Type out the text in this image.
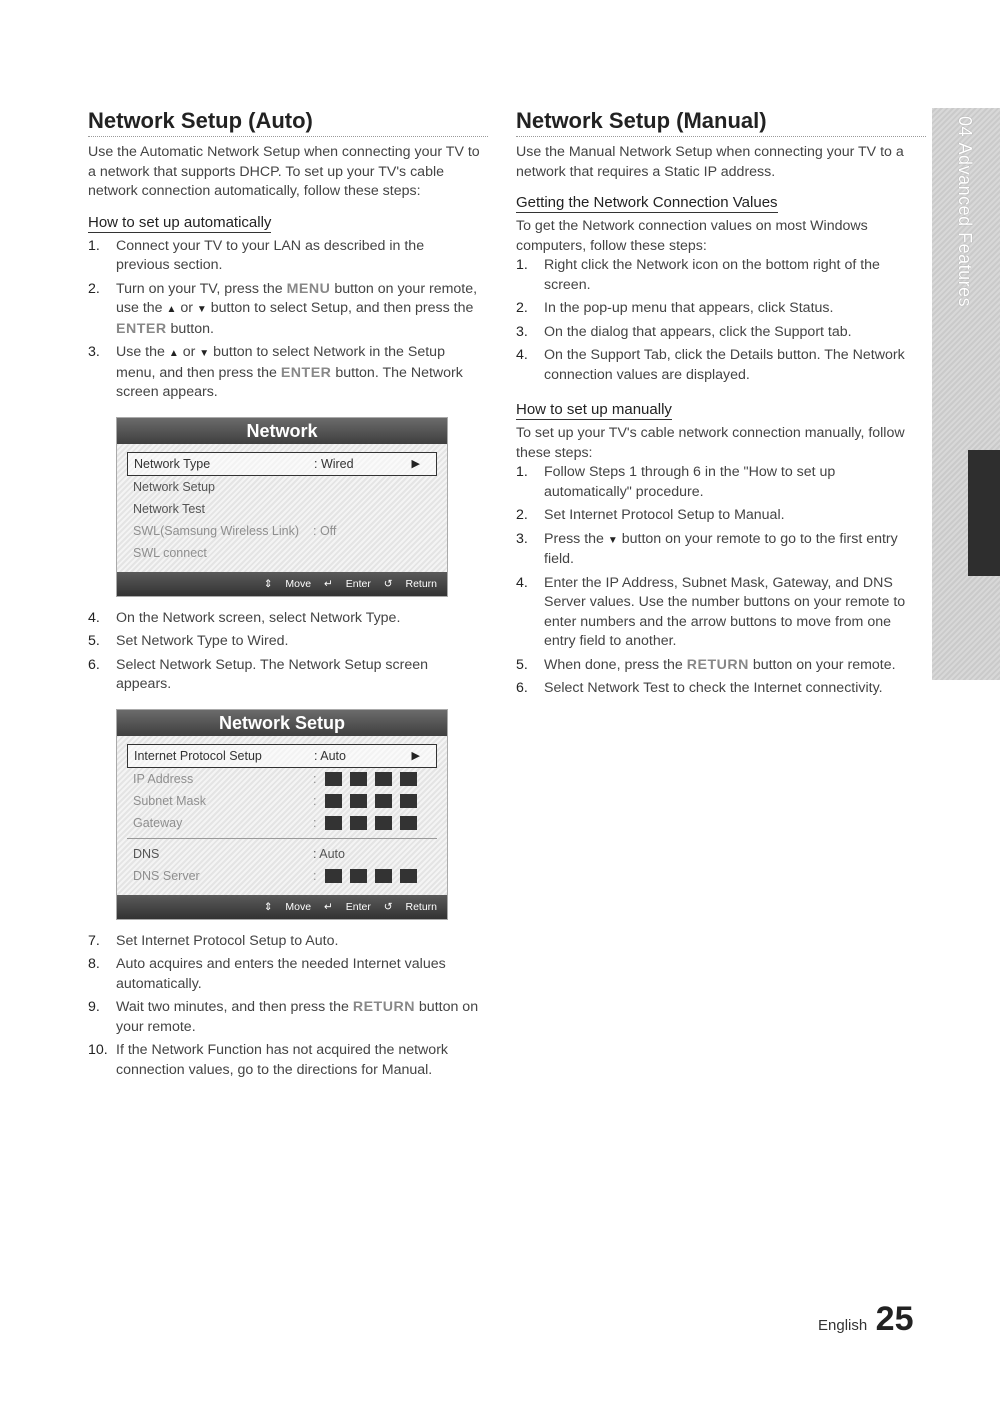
Network Setup (Auto)

Use the Automatic Network Setup when connecting your TV to a network that supports DHCP. To set up your TV's cable network connection automatically, follow these steps:

How to set up automatically
1. Connect your TV to your LAN as described in the previous section.
2. Turn on your TV, press the MENU button on your remote, use the ▲ or ▼ button to select Setup, and then press the ENTER button.
3. Use the ▲ or ▼ button to select Network in the Setup menu, and then press the ENTER button. The Network screen appears.
Network
Network Type	: Wired	▶
Network Setup
Network Test
SWL(Samsung Wireless Link) : Off
SWL connect
⇕ Move ↵ Enter ↺ Return
4. On the Network screen, select Network Type.
5. Set Network Type to Wired.
6. Select Network Setup. The Network Setup screen appears.
Network Setup
Internet Protocol Setup	: Auto	▶
IP Address	:
Subnet Mask	:
Gateway	:
DNS	: Auto
DNS Server	:
⇕ Move ↵ Enter ↺ Return
7. Set Internet Protocol Setup to Auto.
8. Auto acquires and enters the needed Internet values automatically.
9. Wait two minutes, and then press the RETURN button on your remote.
10. If the Network Function has not acquired the network connection values, go to the directions for Manual.
Network Setup (Manual)

Use the Manual Network Setup when connecting your TV to a network that requires a Static IP address.

Getting the Network Connection Values

To get the Network connection values on most Windows computers, follow these steps:

1. Right click the Network icon on the bottom right of the screen.
2. In the pop-up menu that appears, click Status.
3. On the dialog that appears, click the Support tab.
4. On the Support Tab, click the Details button. The Network connection values are displayed.
How to set up manually

To set up your TV's cable network connection manually, follow these steps:

1. Follow Steps 1 through 6 in the "How to set up automatically" procedure.
2. Set Internet Protocol Setup to Manual.
3. Press the ▼ button on your remote to go to the first entry field.
4. Enter the IP Address, Subnet Mask, Gateway, and DNS Server values. Use the number buttons on your remote to enter numbers and the arrow buttons to move from one entry field to another.
5. When done, press the RETURN button on your remote.
6. Select Network Test to check the Internet connectivity.
04 Advanced Features
English 25
